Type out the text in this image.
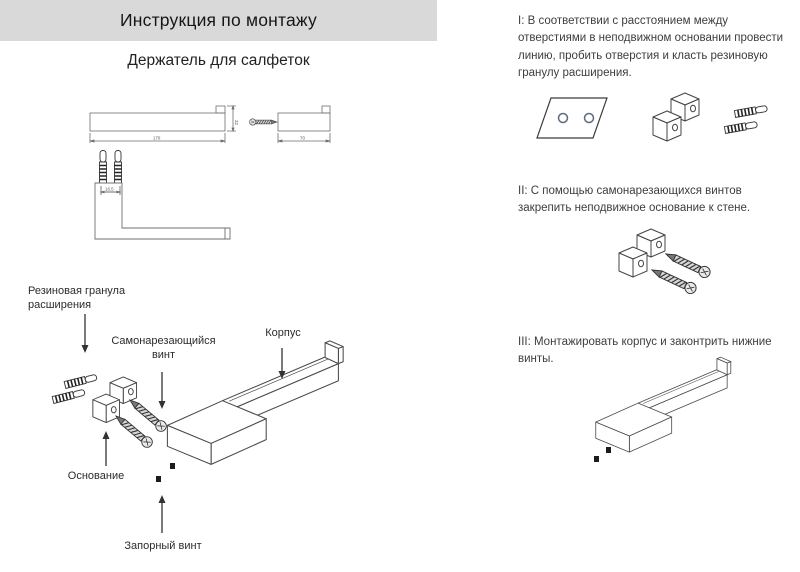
Инструкция по монтажу
Держатель для салфеток
170
32
70
16.5
Резиновая гранула расширения
Самонарезающийся винт
Корпус
Основание
Запорный винт
I: В соответствии с расстоянием между отверстиями в неподвижном основании провести линию, пробить отверстия и класть резиновую гранулу расширения.
II: С помощью самонарезающихся винтов закрепить неподвижное основание к стене.
III: Монтажировать корпус и законтрить нижние винты.
